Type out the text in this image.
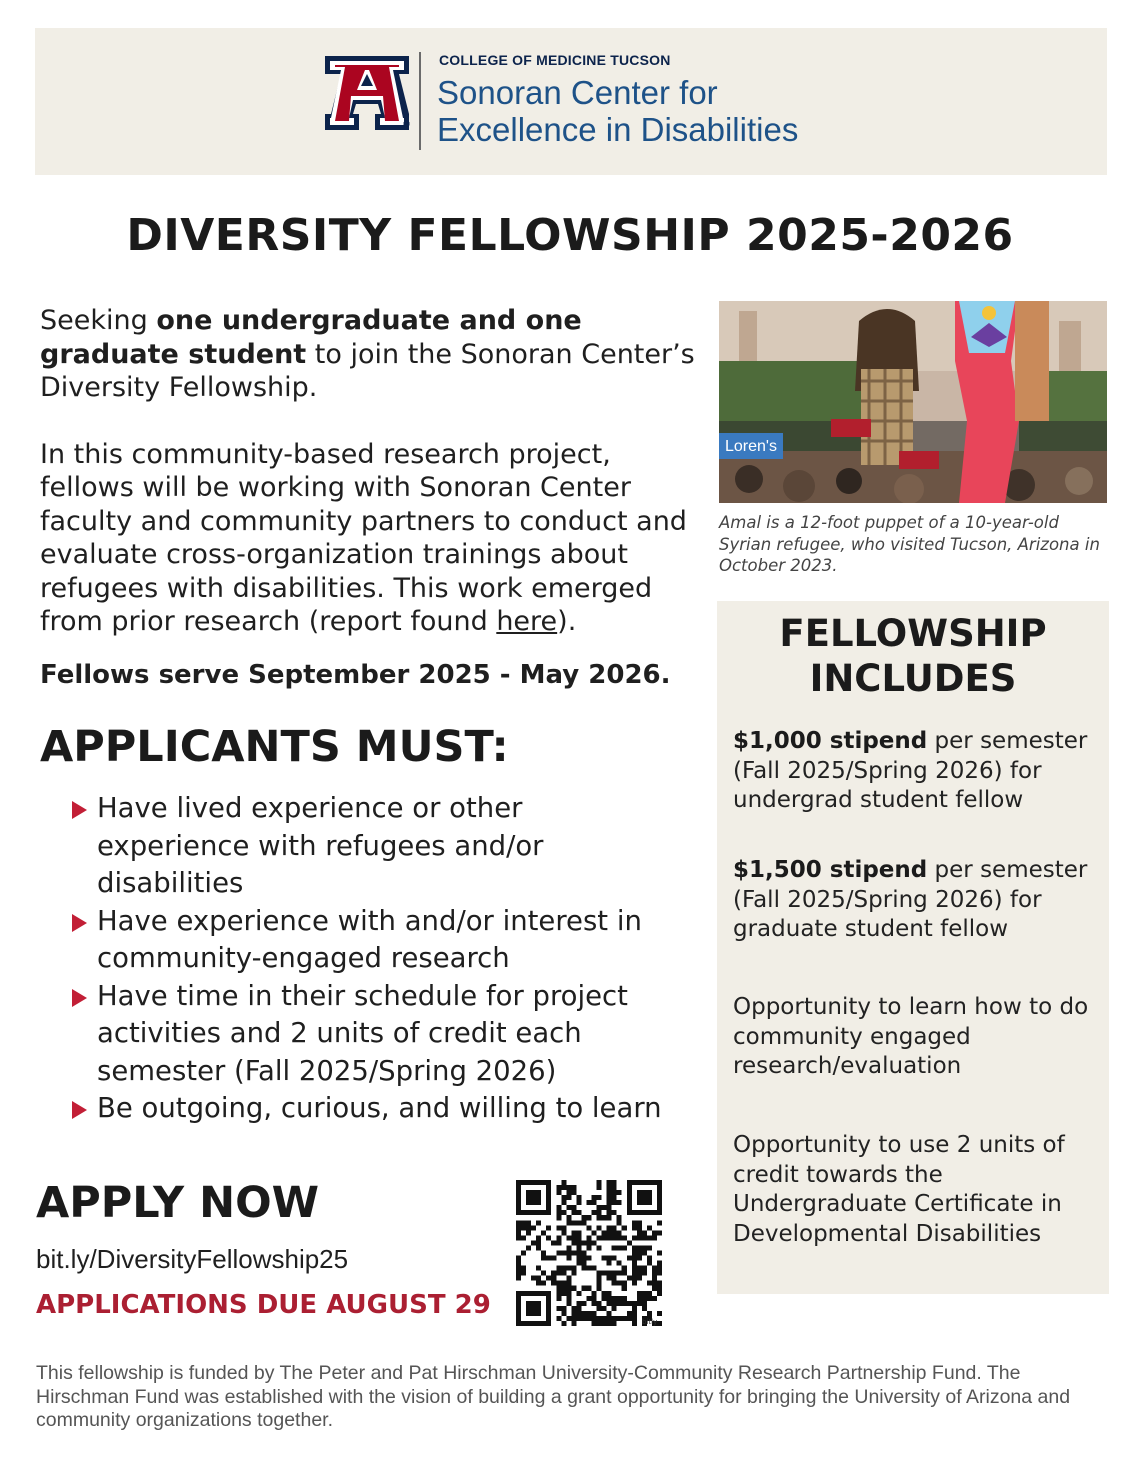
®
COLLEGE OF MEDICINE TUCSON
Sonoran Center for
Excellence in Disabilities
DIVERSITY FELLOWSHIP 2025-2026

Seeking one undergraduate and one graduate student to join the Sonoran Center’s Diversity Fellowship.

In this community-based research project, fellows will be working with Sonoran Center faculty and community partners to conduct and evaluate cross-organization trainings about refugees with disabilities. This work emerged from prior research (report found here).

Fellows serve September 2025 - May 2026.
APPLICANTS MUST:
Have lived experience or other experience with refugees and/or disabilities
Have experience with and/or interest in community-engaged research
Have time in their schedule for project activities and 2 units of credit each semester (Fall 2025/Spring 2026)
Be outgoing, curious, and willing to learn
APPLY NOW
bit.ly/DiversityFellowship25
APPLICATIONS DUE AUGUST 29
bitly
Loren's
Amal is a 12-foot puppet of a 10-year-old Syrian refugee, who visited Tucson, Arizona in October 2023.
FELLOWSHIP
INCLUDES
$1,000 stipend per semester (Fall 2025/Spring 2026) for undergrad student fellow
$1,500 stipend per semester (Fall 2025/Spring 2026) for graduate student fellow
Opportunity to learn how to do community engaged research/evaluation
Opportunity to use 2 units of credit towards the Undergraduate Certificate in Developmental Disabilities
This fellowship is funded by The Peter and Pat Hirschman University-Community Research Partnership Fund. The Hirschman Fund was established with the vision of building a grant opportunity for bringing the University of Arizona and community organizations together.
